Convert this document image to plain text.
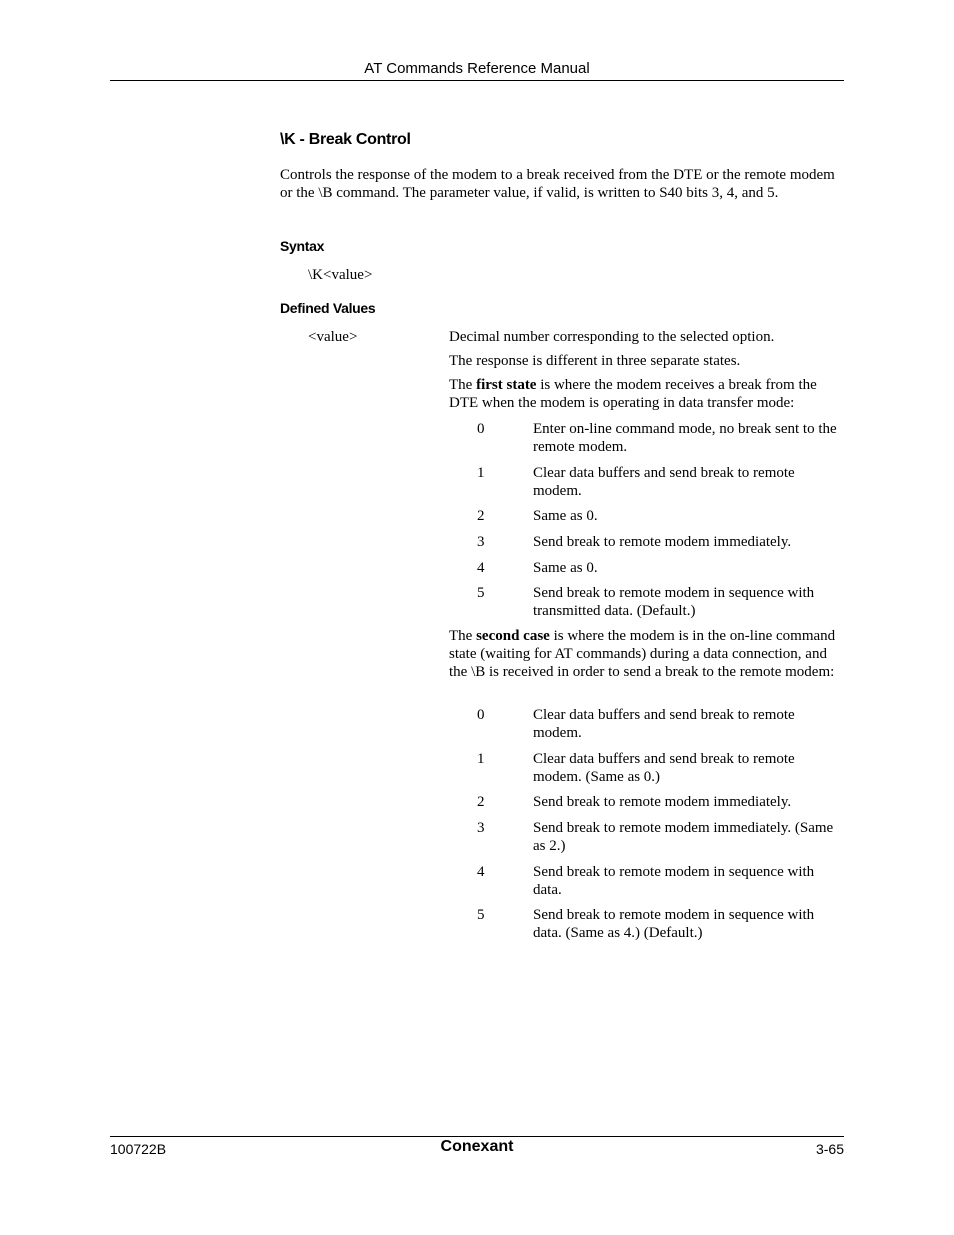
AT Commands Reference Manual
\K - Break Control
Controls the response of the modem to a break received from the DTE or the remote modem or the \B command. The parameter value, if valid, is written to S40 bits 3, 4, and 5.
Syntax
\K<value>
Defined Values
<value>	Decimal number corresponding to the selected option.
The response is different in three separate states.
The first state is where the modem receives a break from the DTE when the modem is operating in data transfer mode:
0	Enter on-line command mode, no break sent to the remote modem.
1	Clear data buffers and send break to remote modem.
2	Same as 0.
3	Send break to remote modem immediately.
4	Same as 0.
5	Send break to remote modem in sequence with transmitted data. (Default.)
The second case is where the modem is in the on-line command state (waiting for AT commands) during a data connection, and the \B is received in order to send a break to the remote modem:
0	Clear data buffers and send break to remote modem.
1	Clear data buffers and send break to remote modem. (Same as 0.)
2	Send break to remote modem immediately.
3	Send break to remote modem immediately. (Same as 2.)
4	Send break to remote modem in sequence with data.
5	Send break to remote modem in sequence with data. (Same as 4.) (Default.)
100722B	Conexant	3-65
